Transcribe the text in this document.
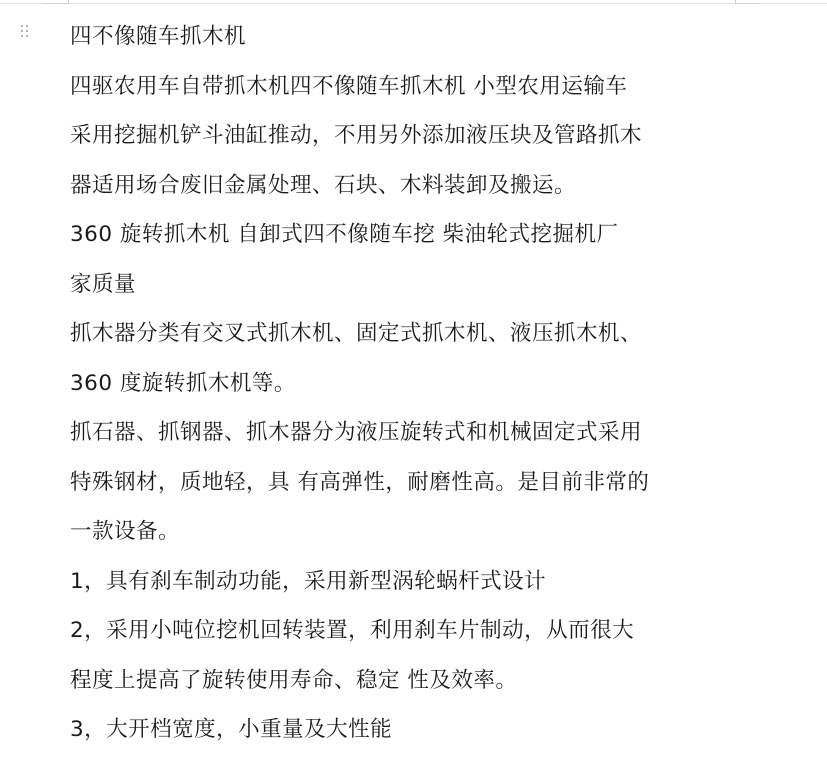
四不像随车抓木机

四驱农用车自带抓木机四不像随车抓木机 小型农用运输车

采用挖掘机铲斗油缸推动，不用另外添加液压块及管路抓木

器适用场合废旧金属处理、石块、木料装卸及搬运。

360 旋转抓木机 自卸式四不像随车挖 柴油轮式挖掘机厂

家质量

抓木器分类有交叉式抓木机、固定式抓木机、液压抓木机、

360 度旋转抓木机等。

抓石器、抓钢器、抓木器分为液压旋转式和机械固定式采用

特殊钢材，质地轻，具 有高弹性，耐磨性高。是目前非常的

一款设备。

1，具有刹车制动功能，采用新型涡轮蜗杆式设计

2，采用小吨位挖机回转装置，利用刹车片制动，从而很大

程度上提高了旋转使用寿命、稳定 性及效率。

3，大开档宽度，小重量及大性能
